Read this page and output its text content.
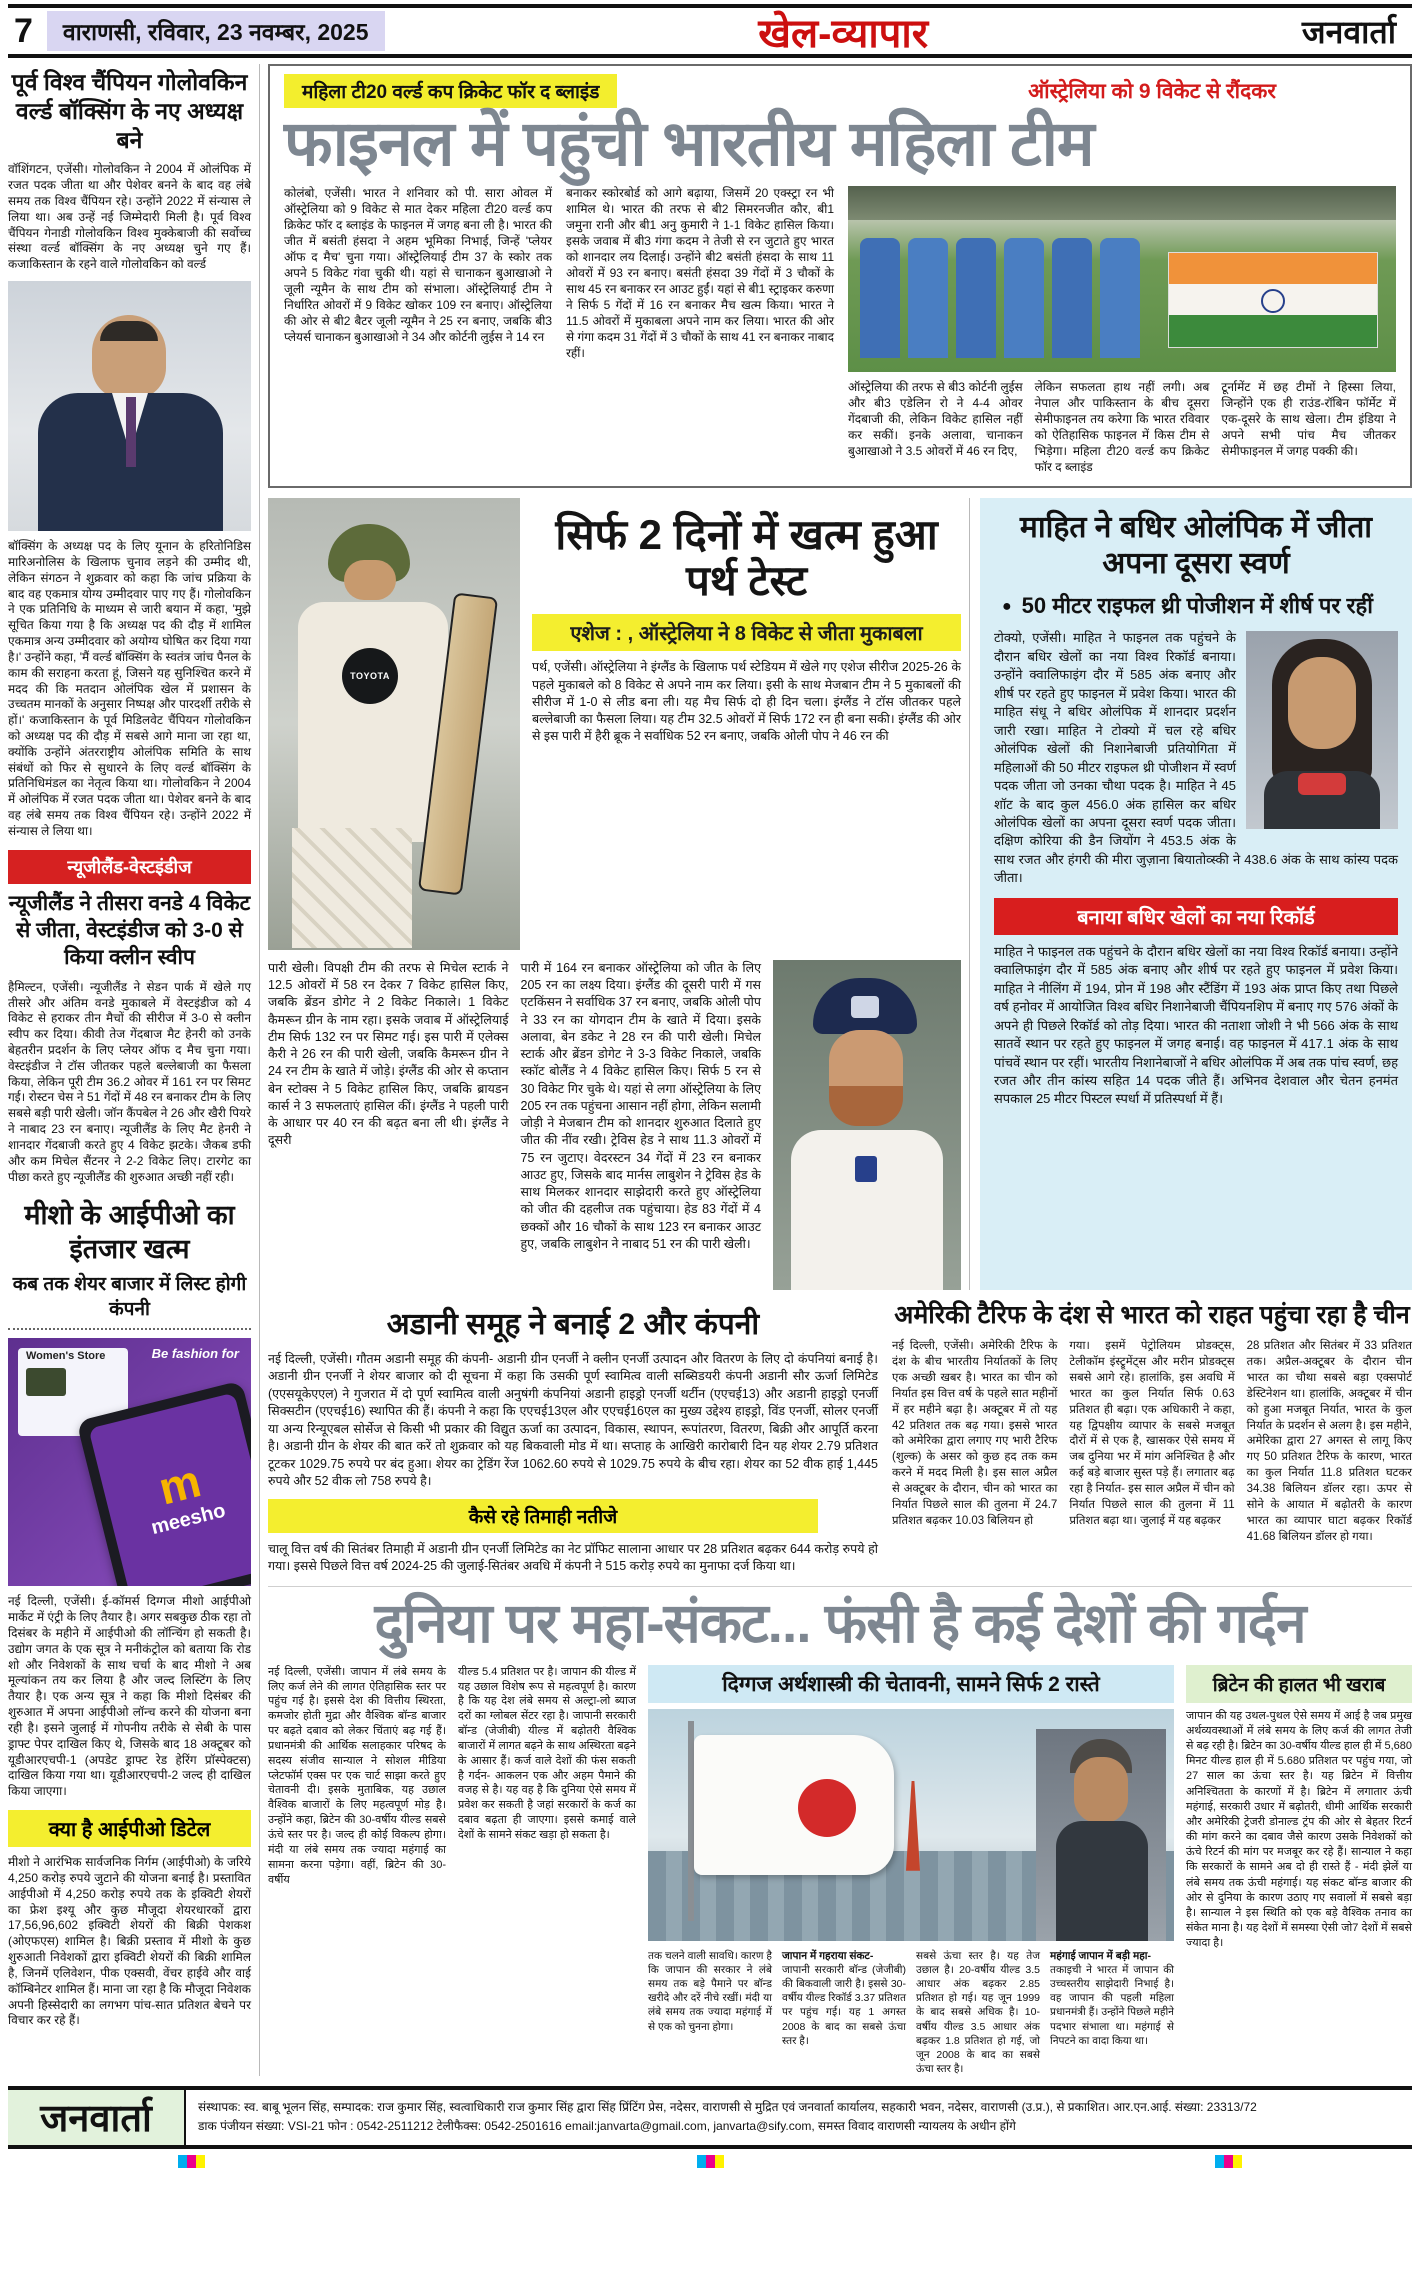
7	वाराणसी, रविवार, 23 नवम्बर, 2025	खेल-व्यापार	जनवार्ता
पूर्व विश्व चैंपियन गोलोवकिन वर्ल्ड बॉक्सिंग के नए अध्यक्ष बने
वॉशिंगटन, एजेंसी। गोलोवकिन ने 2004 में ओलंपिक में रजत पदक जीता था और पेशेवर बनने के बाद वह लंबे समय तक विश्व चैंपियन रहे। उन्होंने 2022 में संन्यास ले लिया था। अब उन्हें नई जिम्मेदारी मिली है। पूर्व विश्व चैंपियन गेनाडी गोलोवकिन विश्व मुक्केबाजी की सर्वोच्च संस्था वर्ल्ड बॉक्सिंग के नए अध्यक्ष चुने गए हैं। कजाकिस्तान के रहने वाले गोलोवकिन को वर्ल्ड
बॉक्सिंग के अध्यक्ष पद के लिए यूनान के हरितोनिडिस मारिअनोलिस के खिलाफ चुनाव लड़ने की उम्मीद थी, लेकिन संगठन ने शुक्रवार को कहा कि जांच प्रक्रिया के बाद वह एकमात्र योग्य उम्मीदवार पाए गए हैं। गोलोवकिन ने एक प्रतिनिधि के माध्यम से जारी बयान में कहा, 'मुझे सूचित किया गया है कि अध्यक्ष पद की दौड़ में शामिल एकमात्र अन्य उम्मीदवार को अयोग्य घोषित कर दिया गया है।' उन्होंने कहा, 'मैं वर्ल्ड बॉक्सिंग के स्वतंत्र जांच पैनल के काम की सराहना करता हूं, जिसने यह सुनिश्चित करने में मदद की कि मतदान ओलंपिक खेल में प्रशासन के उच्चतम मानकों के अनुसार निष्पक्ष और पारदर्शी तरीके से हों।' कजाकिस्तान के पूर्व मिडिलवेट चैंपियन गोलोवकिन को अध्यक्ष पद की दौड़ में सबसे आगे माना जा रहा था, क्योंकि उन्होंने अंतरराष्ट्रीय ओलंपिक समिति के साथ संबंधों को फिर से सुधारने के लिए वर्ल्ड बॉक्सिंग के प्रतिनिधिमंडल का नेतृत्व किया था। गोलोवकिन ने 2004 में ओलंपिक में रजत पदक जीता था। पेशेवर बनने के बाद वह लंबे समय तक विश्व चैंपियन रहे। उन्होंने 2022 में संन्यास ले लिया था।
न्यूजीलैंड-वेस्टइंडीज
न्यूजीलैंड ने तीसरा वनडे 4 विकेट से जीता, वेस्टइंडीज को 3-0 से किया क्लीन स्वीप
हैमिल्टन, एजेंसी। न्यूजीलैंड ने सेडन पार्क में खेले गए तीसरे और अंतिम वनडे मुकाबले में वेस्टइंडीज को 4 विकेट से हराकर तीन मैचों की सीरीज में 3-0 से क्लीन स्वीप कर दिया। कीवी तेज गेंदबाज मैट हेनरी को उनके बेहतरीन प्रदर्शन के लिए प्लेयर ऑफ द मैच चुना गया। वेस्टइंडीज ने टॉस जीतकर पहले बल्लेबाजी का फैसला किया, लेकिन पूरी टीम 36.2 ओवर में 161 रन पर सिमट गई। रोस्टन चेस ने 51 गेंदों में 48 रन बनाकर टीम के लिए सबसे बड़ी पारी खेली। जॉन कैंपबेल ने 26 और खैरी पियरे ने नाबाद 23 रन बनाए। न्यूजीलैंड के लिए मैट हेनरी ने शानदार गेंदबाजी करते हुए 4 विकेट झटके। जैकब डफी और कम मिचेल सैंटनर ने 2-2 विकेट लिए। टारगेट का पीछा करते हुए न्यूजीलैंड की शुरुआत अच्छी नहीं रही।
मीशो के आईपीओ का इंतजार खत्म
कब तक शेयर बाजार में लिस्ट होगी कंपनी
Women's Store	Be fashion for
m
meesho
नई दिल्ली, एजेंसी। ई-कॉमर्स दिग्गज मीशो आईपीओ मार्केट में एंट्री के लिए तैयार है। अगर सबकुछ ठीक रहा तो दिसंबर के महीने में आईपीओ की लॉन्चिंग हो सकती है। उद्योग जगत के एक सूत्र ने मनीकंट्रोल को बताया कि रोड शो और निवेशकों के साथ चर्चा के बाद मीशो ने अब मूल्यांकन तय कर लिया है और जल्द लिस्टिंग के लिए तैयार है। एक अन्य सूत्र ने कहा कि मीशो दिसंबर की शुरुआत में अपना आईपीओ लॉन्च करने की योजना बना रही है। इसने जुलाई में गोपनीय तरीके से सेबी के पास ड्राफ्ट पेपर दाखिल किए थे, जिसके बाद 18 अक्टूबर को यूडीआरएचपी-1 (अपडेट ड्राफ्ट रेड हेरिंग प्रॉस्पेक्टस) दाखिल किया गया था। यूडीआरएचपी-2 जल्द ही दाखिल किया जाएगा।
क्या है आईपीओ डिटेल
मीशो ने आरंभिक सार्वजनिक निर्गम (आईपीओ) के जरिये 4,250 करोड़ रुपये जुटाने की योजना बनाई है। प्रस्तावित आईपीओ में 4,250 करोड़ रुपये तक के इक्विटी शेयरों का फ्रेश इश्यू और कुछ मौजूदा शेयरधारकों द्वारा 17,56,96,602 इक्विटी शेयरों की बिक्री पेशकश (ओएफएस) शामिल है। बिक्री प्रस्ताव में मीशो के कुछ शुरुआती निवेशकों द्वारा इक्विटी शेयरों की बिक्री शामिल है, जिनमें एलिवेशन, पीक एक्सवी, वेंचर हाईवे और वाई कॉम्बिनेटर शामिल हैं। माना जा रहा है कि मौजूदा निवेशक अपनी हिस्सेदारी का लगभग पांच-सात प्रतिशत बेचने पर विचार कर रहे हैं।
महिला टी20 वर्ल्ड कप क्रिकेट फॉर द ब्लाइंड	ऑस्ट्रेलिया को 9 विकेट से रौंदकर
फाइनल में पहुंची भारतीय महिला टीम
कोलंबो, एजेंसी। भारत ने शनिवार को पी. सारा ओवल में ऑस्ट्रेलिया को 9 विकेट से मात देकर महिला टी20 वर्ल्ड कप क्रिकेट फॉर द ब्लाइंड के फाइनल में जगह बना ली है। भारत की जीत में बसंती हंसदा ने अहम भूमिका निभाई, जिन्हें 'प्लेयर ऑफ द मैच' चुना गया। ऑस्ट्रेलियाई टीम 37 के स्कोर तक अपने 5 विकेट गंवा चुकी थी। यहां से चानाकन बुआखाओ ने जूली न्यूमैन के साथ टीम को संभाला। ऑस्ट्रेलियाई टीम ने निर्धारित ओवरों में 9 विकेट खोकर 109 रन बनाए। ऑस्ट्रेलिया की ओर से बी2 बैटर जूली न्यूमैन ने 25 रन बनाए, जबकि बी3 प्लेयर्स चानाकन बुआखाओ ने 34 और कोर्टनी लुईस ने 14 रन
बनाकर स्कोरबोर्ड को आगे बढ़ाया, जिसमें 20 एक्स्ट्रा रन भी शामिल थे। भारत की तरफ से बी2 सिमरनजीत कौर, बी1 जमुना रानी और बी1 अनु कुमारी ने 1-1 विकेट हासिल किया। इसके जवाब में बी3 गंगा कदम ने तेजी से रन जुटाते हुए भारत को शानदार लय दिलाई। उन्होंने बी2 बसंती हंसदा के साथ 11 ओवरों में 93 रन बनाए। बसंती हंसदा 39 गेंदों में 3 चौकों के साथ 45 रन बनाकर रन आउट हुईं। यहां से बी1 स्ट्राइकर करुणा ने सिर्फ 5 गेंदों में 16 रन बनाकर मैच खत्म किया। भारत ने 11.5 ओवरों में मुकाबला अपने नाम कर लिया। भारत की ओर से गंगा कदम 31 गेंदों में 3 चौकों के साथ 41 रन बनाकर नाबाद रहीं।
ऑस्ट्रेलिया की तरफ से बी3 कोर्टनी लुईस और बी3 एडेलिन रो ने 4-4 ओवर गेंदबाजी की, लेकिन विकेट हासिल नहीं कर सकीं। इनके अलावा, चानाकन बुआखाओ ने 3.5 ओवरों में 46 रन दिए,
लेकिन सफलता हाथ नहीं लगी। अब नेपाल और पाकिस्तान के बीच दूसरा सेमीफाइनल तय करेगा कि भारत रविवार को ऐतिहासिक फाइनल में किस टीम से भिड़ेगा। महिला टी20 वर्ल्ड कप क्रिकेट फॉर द ब्लाइंड
टूर्नामेंट में छह टीमों ने हिस्सा लिया, जिन्होंने एक ही राउंड-रॉबिन फॉर्मेट में एक-दूसरे के साथ खेला। टीम इंडिया ने अपने सभी पांच मैच जीतकर सेमीफाइनल में जगह पक्की की।
TOYOTA
सिर्फ 2 दिनों में खत्म हुआ पर्थ टेस्ट
एशेज : , ऑस्ट्रेलिया ने 8 विकेट से जीता मुकाबला
पर्थ, एजेंसी। ऑस्ट्रेलिया ने इंग्लैंड के खिलाफ पर्थ स्टेडियम में खेले गए एशेज सीरीज 2025-26 के पहले मुकाबले को 8 विकेट से अपने नाम कर लिया। इसी के साथ मेजबान टीम ने 5 मुकाबलों की सीरीज में 1-0 से लीड बना ली। यह मैच सिर्फ दो ही दिन चला। इंग्लैंड ने टॉस जीतकर पहले बल्लेबाजी का फैसला लिया। यह टीम 32.5 ओवरों में सिर्फ 172 रन ही बना सकी। इंग्लैंड की ओर से इस पारी में हैरी ब्रूक ने सर्वाधिक 52 रन बनाए, जबकि ओली पोप ने 46 रन की
पारी खेली। विपक्षी टीम की तरफ से मिचेल स्टार्क ने 12.5 ओवरों में 58 रन देकर 7 विकेट हासिल किए, जबकि ब्रेंडन डोगेट ने 2 विकेट निकाले। 1 विकेट कैमरून ग्रीन के नाम रहा। इसके जवाब में ऑस्ट्रेलियाई टीम सिर्फ 132 रन पर सिमट गई। इस पारी में एलेक्स कैरी ने 26 रन की पारी खेली, जबकि कैमरून ग्रीन ने 24 रन टीम के खाते में जोड़े। इंग्लैंड की ओर से कप्तान बेन स्टोक्स ने 5 विकेट हासिल किए, जबकि ब्रायडन कार्स ने 3 सफलताएं हासिल कीं। इंग्लैंड ने पहली पारी के आधार पर 40 रन की बढ़त बना ली थी। इंग्लैंड ने दूसरी
पारी में 164 रन बनाकर ऑस्ट्रेलिया को जीत के लिए 205 रन का लक्ष्य दिया। इंग्लैंड की दूसरी पारी में गस एटकिंसन ने सर्वाधिक 37 रन बनाए, जबकि ओली पोप ने 33 रन का योगदान टीम के खाते में दिया। इसके अलावा, बेन डकेट ने 28 रन की पारी खेली। मिचेल स्टार्क और ब्रेंडन डोगेट ने 3-3 विकेट निकाले, जबकि स्कॉट बोलैंड ने 4 विकेट हासिल किए। सिर्फ 5 रन से 30 विकेट गिर चुके थे। यहां से लगा ऑस्ट्रेलिया के लिए 205 रन तक पहुंचना आसान नहीं होगा, लेकिन सलामी जोड़ी ने मेजबान टीम को शानदार शुरुआत दिलाते हुए जीत की नींव रखी। ट्रेविस हेड ने साथ 11.3 ओवरों में 75 रन जुटाए। वेदरस्टन 34 गेंदों में 23 रन बनाकर आउट हुए, जिसके बाद मार्नस लाबुशेन ने ट्रेविस हेड के साथ मिलकर शानदार साझेदारी करते हुए ऑस्ट्रेलिया को जीत की दहलीज तक पहुंचाया। हेड 83 गेंदों में 4 छक्कों और 16 चौकों के साथ 123 रन बनाकर आउट हुए, जबकि लाबुशेन ने नाबाद 51 रन की पारी खेली।
माहित ने बधिर ओलंपिक में जीता अपना दूसरा स्वर्ण
● 50 मीटर राइफल थ्री पोजीशन में शीर्ष पर रहीं
टोक्यो, एजेंसी। माहित ने फाइनल तक पहुंचने के दौरान बधिर खेलों का नया विश्व रिकॉर्ड बनाया। उन्होंने क्वालिफाइंग दौर में 585 अंक बनाए और शीर्ष पर रहते हुए फाइनल में प्रवेश किया। भारत की माहित संधू ने बधिर ओलंपिक में शानदार प्रदर्शन जारी रखा। माहित ने टोक्यो में चल रहे बधिर ओलंपिक खेलों की निशानेबाजी प्रतियोगिता में महिलाओं की 50 मीटर राइफल थ्री पोजीशन में स्वर्ण पदक जीता जो उनका चौथा पदक है। माहित ने 45 शॉट के बाद कुल 456.0 अंक हासिल कर बधिर ओलंपिक खेलों का अपना दूसरा स्वर्ण पदक जीता। दक्षिण कोरिया की डैन जियोंग ने 453.5 अंक के साथ रजत और हंगरी की मीरा जुज़ाना बियातोव्स्की ने 438.6 अंक के साथ कांस्य पदक जीता।
बनाया बधिर खेलों का नया रिकॉर्ड
माहित ने फाइनल तक पहुंचने के दौरान बधिर खेलों का नया विश्व रिकॉर्ड बनाया। उन्होंने क्वालिफाइंग दौर में 585 अंक बनाए और शीर्ष पर रहते हुए फाइनल में प्रवेश किया। माहित ने नीलिंग में 194, प्रोन में 198 और स्टैंडिंग में 193 अंक प्राप्त किए तथा पिछले वर्ष हनोवर में आयोजित विश्व बधिर निशानेबाजी चैंपियनशिप में बनाए गए 576 अंकों के अपने ही पिछले रिकॉर्ड को तोड़ दिया। भारत की नताशा जोशी ने भी 566 अंक के साथ सातवें स्थान पर रहते हुए फाइनल में जगह बनाई। वह फाइनल में 417.1 अंक के साथ पांचवें स्थान पर रहीं। भारतीय निशानेबाजों ने बधिर ओलंपिक में अब तक पांच स्वर्ण, छह रजत और तीन कांस्य सहित 14 पदक जीते हैं। अभिनव देशवाल और चेतन हनमंत सपकाल 25 मीटर पिस्टल स्पर्धा में प्रतिस्पर्धा में हैं।
अडानी समूह ने बनाई 2 और कंपनी
नई दिल्ली, एजेंसी। गौतम अडानी समूह की कंपनी- अडानी ग्रीन एनर्जी ने क्लीन एनर्जी उत्पादन और वितरण के लिए दो कंपनियां बनाई है। अडानी ग्रीन एनर्जी ने शेयर बाजार को दी सूचना में कहा कि उसकी पूर्ण स्वामित्व वाली सब्सिडयरी कंपनी अडानी सौर ऊर्जा लिमिटेड (एएसयूकेएएल) ने गुजरात में दो पूर्ण स्वामित्व वाली अनुषंगी कंपनियां अडानी हाइड्रो एनर्जी थर्टीन (एएचई13) और अडानी हाइड्रो एनर्जी सिक्सटीन (एएचई16) स्थापित की हैं। कंपनी ने कहा कि एएचई13एल और एएचई16एल का मुख्य उद्देश्य हाइड्रो, विंड एनर्जी, सोलर एनर्जी या अन्य रिन्यूएबल सोर्सेज से किसी भी प्रकार की विद्युत ऊर्जा का उत्पादन, विकास, स्थापन, रूपांतरण, वितरण, बिक्री और आपूर्ति करना है। अडानी ग्रीन के शेयर की बात करें तो शुक्रवार को यह बिकवाली मोड में था। सप्ताह के आखिरी कारोबारी दिन यह शेयर 2.79 प्रतिशत टूटकर 1029.75 रुपये पर बंद हुआ। शेयर का ट्रेडिंग रेंज 1062.60 रुपये से 1029.75 रुपये के बीच रहा। शेयर का 52 वीक हाई 1,445 रुपये और 52 वीक लो 758 रुपये है।
कैसे रहे तिमाही नतीजे
चालू वित्त वर्ष की सितंबर तिमाही में अडानी ग्रीन एनर्जी लिमिटेड का नेट प्रॉफिट सालाना आधार पर 28 प्रतिशत बढ़कर 644 करोड़ रुपये हो गया। इससे पिछले वित्त वर्ष 2024-25 की जुलाई-सितंबर अवधि में कंपनी ने 515 करोड़ रुपये का मुनाफा दर्ज किया था।
अमेरिकी टैरिफ के दंश से भारत को राहत पहुंचा रहा है चीन
नई दिल्ली, एजेंसी। अमेरिकी टैरिफ के दंश के बीच भारतीय निर्यातकों के लिए एक अच्छी खबर है। भारत का चीन को निर्यात इस वित्त वर्ष के पहले सात महीनों में हर महीने बढ़ा है। अक्टूबर में तो यह 42 प्रतिशत तक बढ़ गया। इससे भारत को अमेरिका द्वारा लगाए गए भारी टैरिफ (शुल्क) के असर को कुछ हद तक कम करने में मदद मिली है। इस साल अप्रैल से अक्टूबर के दौरान, चीन को भारत का निर्यात पिछले साल की तुलना में 24.7 प्रतिशत बढ़कर 10.03 बिलियन हो
गया। इसमें पेट्रोलियम प्रोडक्ट्स, टेलीकॉम इंस्ट्रूमेंट्स और मरीन प्रोडक्ट्स सबसे आगे रहे। हालांकि, इस अवधि में भारत का कुल निर्यात सिर्फ 0.63 प्रतिशत ही बढ़ा। एक अधिकारी ने कहा, यह द्विपक्षीय व्यापार के सबसे मजबूत दौरों में से एक है, खासकर ऐसे समय में जब दुनिया भर में मांग अनिश्चित है और कई बड़े बाजार सुस्त पड़े हैं। लगातार बढ़ रहा है निर्यात- इस साल अप्रैल में चीन को निर्यात पिछले साल की तुलना में 11 प्रतिशत बढ़ा था। जुलाई में यह बढ़कर
28 प्रतिशत और सितंबर में 33 प्रतिशत तक। अप्रैल-अक्टूबर के दौरान चीन भारत का चौथा सबसे बड़ा एक्सपोर्ट डेस्टिनेशन था। हालांकि, अक्टूबर में चीन को हुआ मजबूत निर्यात, भारत के कुल निर्यात के प्रदर्शन से अलग है। इस महीने, अमेरिका द्वारा 27 अगस्त से लागू किए गए 50 प्रतिशत टैरिफ के कारण, भारत का कुल निर्यात 11.8 प्रतिशत घटकर 34.38 बिलियन डॉलर रहा। ऊपर से सोने के आयात में बढ़ोतरी के कारण भारत का व्यापार घाटा बढ़कर रिकॉर्ड 41.68 बिलियन डॉलर हो गया।
दुनिया पर महा-संकट... फंसी है कई देशों की गर्दन
नई दिल्ली, एजेंसी। जापान में लंबे समय के लिए कर्ज लेने की लागत ऐतिहासिक स्तर पर पहुंच गई है। इससे देश की वित्तीय स्थिरता, कमजोर होती मुद्रा और वैश्विक बॉन्ड बाजार पर बढ़ते दबाव को लेकर चिंताएं बढ़ गई हैं। प्रधानमंत्री की आर्थिक सलाहकार परिषद के सदस्य संजीव सान्याल ने सोशल मीडिया प्लेटफॉर्म एक्स पर एक चार्ट साझा करते हुए चेतावनी दी। इसके मुताबिक, यह उछाल वैश्विक बाजारों के लिए महत्वपूर्ण मोड़ है। उन्होंने कहा, ब्रिटेन की 30-वर्षीय यील्ड सबसे ऊंचे स्तर पर है। जल्द ही कोई विकल्प होगा। मंदी या लंबे समय तक ज्यादा महंगाई का सामना करना पड़ेगा। वहीं, ब्रिटेन की 30-वर्षीय
यील्ड 5.4 प्रतिशत पर है। जापान की यील्ड में यह उछाल विशेष रूप से महत्वपूर्ण है। कारण है कि यह देश लंबे समय से अल्ट्रा-लो ब्याज दरों का ग्लोबल सेंटर रहा है। जापानी सरकारी बॉन्ड (जेजीबी) यील्ड में बढ़ोतरी वैश्विक बाजारों में लागत बढ़ने के साथ अस्थिरता बढ़ने के आसार हैं। कर्ज वाले देशों की फंस सकती है गर्दन- आकलन एक और अहम पैमाने की वजह से है। यह वह है कि दुनिया ऐसे समय में प्रवेश कर सकती है जहां सरकारों के कर्ज का दबाव बढ़ता ही जाएगा। इससे कमाई वाले देशों के सामने संकट खड़ा हो सकता है।
दिग्गज अर्थशास्त्री की चेतावनी, सामने सिर्फ 2 रास्ते
तक चलने वाली सावधि। कारण है कि जापान की सरकार ने लंबे समय तक बड़े पैमाने पर बॉन्ड खरीदे और दरें नीचे रखीं। मंदी या लंबे समय तक ज्यादा महंगाई में से एक को चुनना होगा।
जापान में गहराया संकट-
जापानी सरकारी बॉन्ड (जेजीबी) की बिकवाली जारी है। इससे 30-वर्षीय यील्ड रिकॉर्ड 3.37 प्रतिशत पर पहुंच गई। यह 1 अगस्त 2008 के बाद का सबसे ऊंचा स्तर है।
सबसे ऊंचा स्तर है। यह तेज उछाल है। 20-वर्षीय यील्ड 3.5 आधार अंक बढ़कर 2.85 प्रतिशत हो गई। यह जून 1999 के बाद सबसे अधिक है। 10-वर्षीय यील्ड 3.5 आधार अंक बढ़कर 1.8 प्रतिशत हो गई, जो जून 2008 के बाद का सबसे ऊंचा स्तर है।
महंगाई जापान में बड़ी महा-
तकाइची ने भारत में जापान की उच्चस्तरीय साझेदारी निभाई है। वह जापान की पहली महिला प्रधानमंत्री हैं। उन्होंने पिछले महीने पदभार संभाला था। महंगाई से निपटने का वादा किया था।
ब्रिटेन की हालत भी खराब
जापान की यह उथल-पुथल ऐसे समय में आई है जब प्रमुख अर्थव्यवस्थाओं में लंबे समय के लिए कर्ज की लागत तेजी से बढ़ रही है। ब्रिटेन का 30-वर्षीय यील्ड हाल ही में 5,680 मिनट यील्ड हाल ही में 5.680 प्रतिशत पर पहुंच गया, जो 27 साल का ऊंचा स्तर है। यह ब्रिटेन में वित्तीय अनिश्चितता के कारणों में है। ब्रिटेन में लगातार ऊंची महंगाई, सरकारी उधार में बढ़ोतरी, धीमी आर्थिक सरकारी और अमेरिकी ट्रेजरी डोनाल्ड ट्रंप की ओर से बेहतर रिटर्न की मांग करने का दबाव जैसे कारण उसके निवेशकों को ऊंचे रिटर्न की मांग पर मजबूर कर रहे हैं। सान्याल ने कहा कि सरकारों के सामने अब दो ही रास्ते हैं - मंदी झेलें या लंबे समय तक ऊंची महंगाई। यह संकट बॉन्ड बाजार की ओर से दुनिया के कारण उठाए गए सवालों में सबसे बड़ा है। सान्याल ने इस स्थिति को एक बड़े वैश्विक तनाव का संकेत माना है। यह देशों में समस्या ऐसी जो7 देशों में सबसे ज्यादा है।
जनवार्ता	संस्थापक: स्व. बाबू भूलन सिंह, सम्पादक: राज कुमार सिंह, स्वत्वाधिकारी राज कुमार सिंह द्वारा सिंह प्रिंटिंग प्रेस, नदेसर, वाराणसी से मुद्रित एवं जनवार्ता कार्यालय, सहकारी भवन, नदेसर, वाराणसी (उ.प्र.), से प्रकाशित। आर.एन.आई. संख्या: 23313/72
डाक पंजीयन संख्या: VSI-21 फोन : 0542-2511212 टेलीफैक्स: 0542-2501616 email:janvarta@gmail.com, janvarta@sify.com, समस्त विवाद वाराणसी न्यायलय के अधीन होंगे
